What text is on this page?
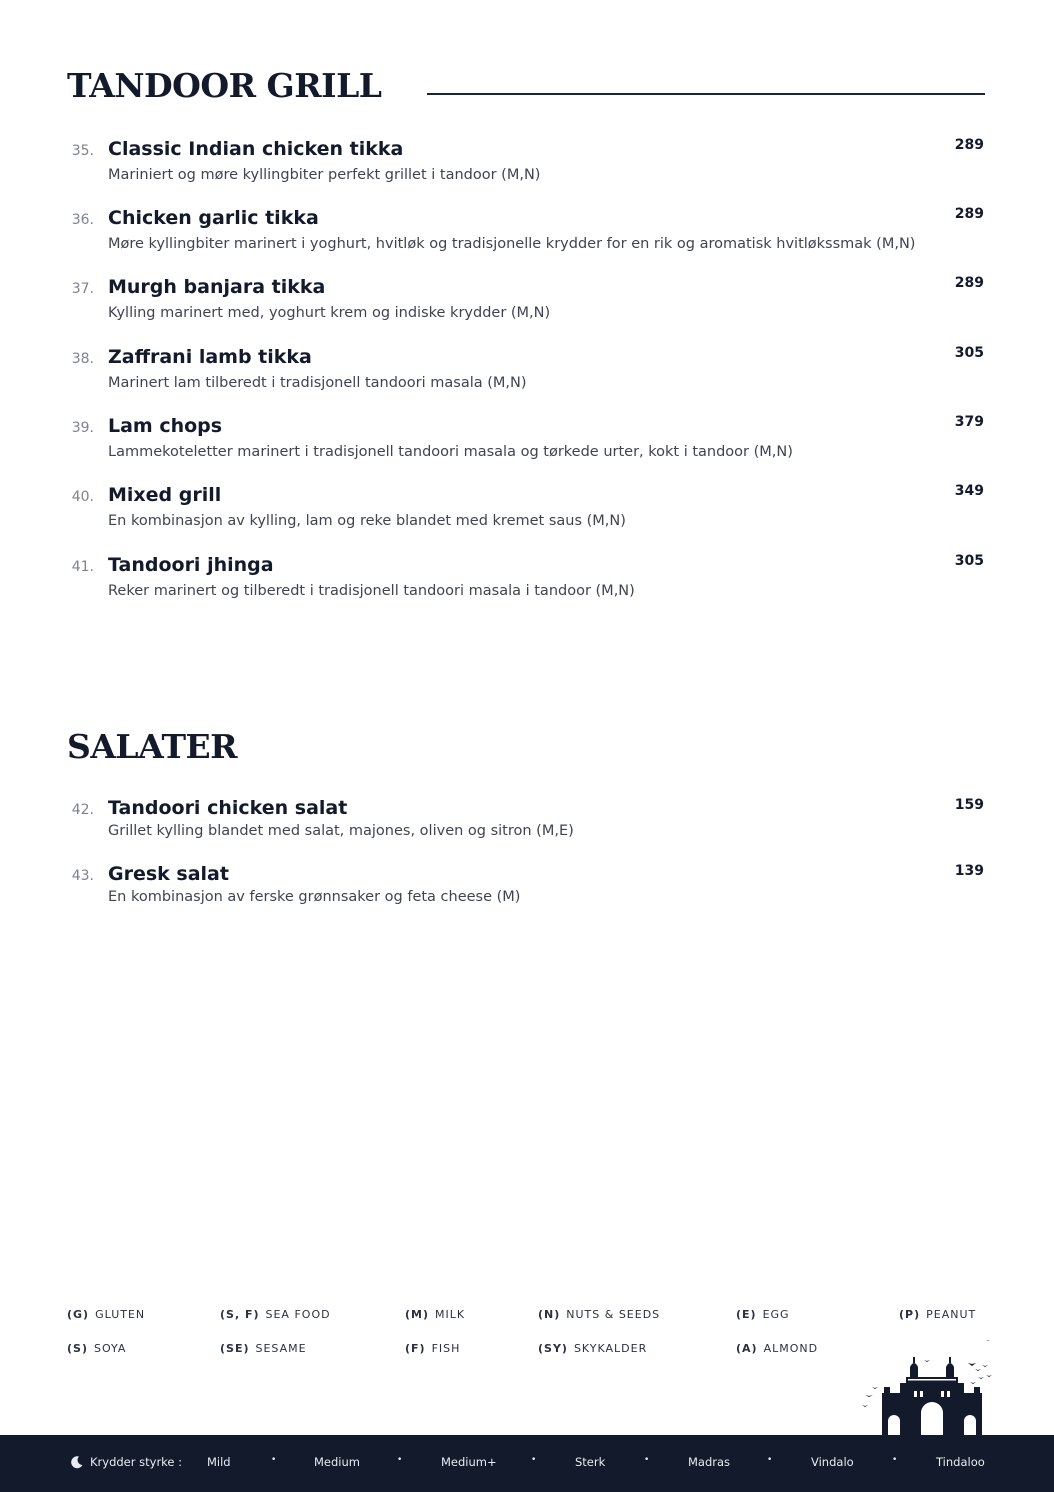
TANDOOR GRILL
35. Classic Indian chicken tikka
Mariniert og møre kyllingbiter perfekt grillet i tandoor (M,N)
289
36. Chicken garlic tikka
Møre kyllingbiter marinert i yoghurt, hvitløk og tradisjonelle krydder for en rik og aromatisk hvitløkssmak (M,N)
289
37. Murgh banjara tikka
Kylling marinert med, yoghurt krem og indiske krydder (M,N)
289
38. Zaffrani lamb tikka
Marinert lam tilberedt i tradisjonell tandoori masala (M,N)
305
39. Lam chops
Lammekoteletter marinert i tradisjonell tandoori masala og tørkede urter, kokt i tandoor (M,N)
379
40. Mixed grill
En kombinasjon av kylling, lam og reke blandet med kremet saus (M,N)
349
41. Tandoori jhinga
Reker marinert og tilberedt i tradisjonell tandoori masala i tandoor (M,N)
305
SALATER
42. Tandoori chicken salat
Grillet kylling blandet med salat, majones, oliven og sitron (M,E)
159
43. Gresk salat
En kombinasjon av ferske grønnsaker og feta cheese (M)
139
(G) GLUTEN	(S, F) SEA FOOD	(M) MILK	(N) NUTS & SEEDS	(E) EGG	(P) PEANUT
(S) SOYA	(SE) SESAME	(F) FISH	(SY) SKYKALDER	(A) ALMOND
Krydder styrke : Mild	•	Medium	•	Medium+	•	Sterk	•	Madras	•	Vindalo	•	Tindaloo
